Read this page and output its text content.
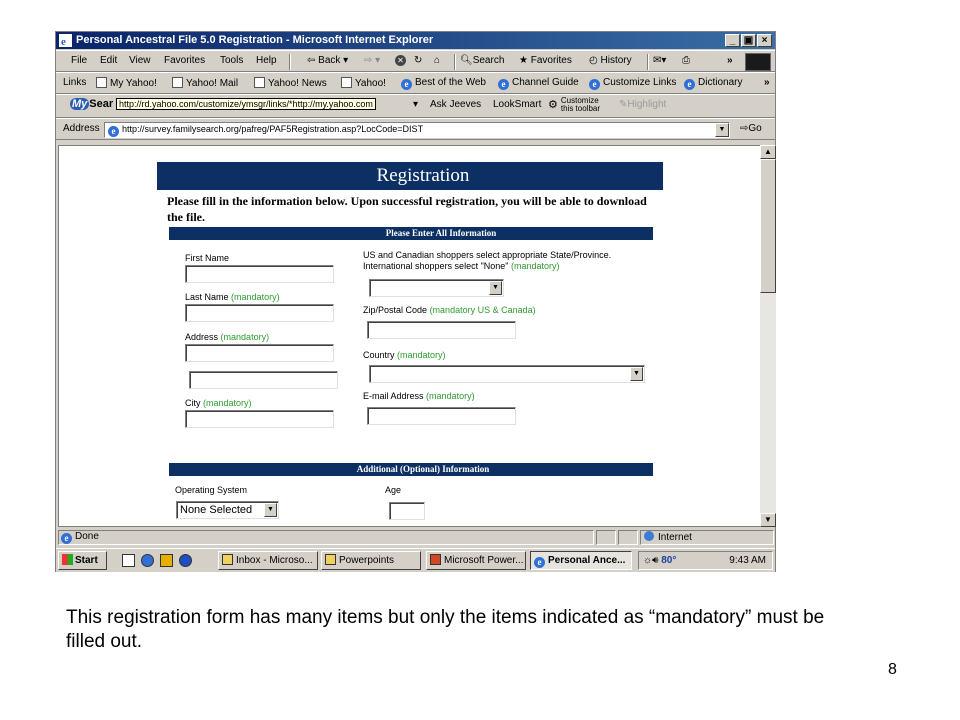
e Personal Ancestral File 5.0 Registration - Microsoft Internet Explorer	_ ▣ ×
File Edit View Favorites Tools Help	⇦ Back ▾ ⇨ ▾ ✕ ↻ ⌂ 🔍︎Search ★ Favorites ◴ History ✉▾ ⎙	»
Links	My Yahoo!	Yahoo! Mail	Yahoo! News	Yahoo!	e Best of the Web	e Channel Guide	e Customize Links	e Dictionary »
My Sear http://rd.yahoo.com/customize/ymsgr/links/*http://my.yahoo.com	▾ Ask Jeeves LookSmart ⚙ Customize
this toolbar ✎Highlight
Address	e http://survey.familysearch.org/pafreg/PAF5Registration.asp?LocCode=DIST	▼	⇨Go
Registration
Please fill in the information below. Upon successful registration, you will be able to download the file.
Please Enter All Information
First Name
Last Name (mandatory)
Address (mandatory)
City (mandatory)
US and Canadian shoppers select appropriate State/Province.
International shoppers select "None" (mandatory)
▼
Zip/Postal Code (mandatory US & Canada)
Country (mandatory)
▼
E-mail Address (mandatory)
Additional (Optional) Information
Operating System
None Selected	▼
Age
▲
▼
e Done	Internet
Start	Inbox - Microso...	Powerpoints	Microsoft Power...	e Personal Ance...	☼🔊︎ 80°	9:43 AM
This registration form has many items but only the items indicated as “mandatory” must be filled out.
8
